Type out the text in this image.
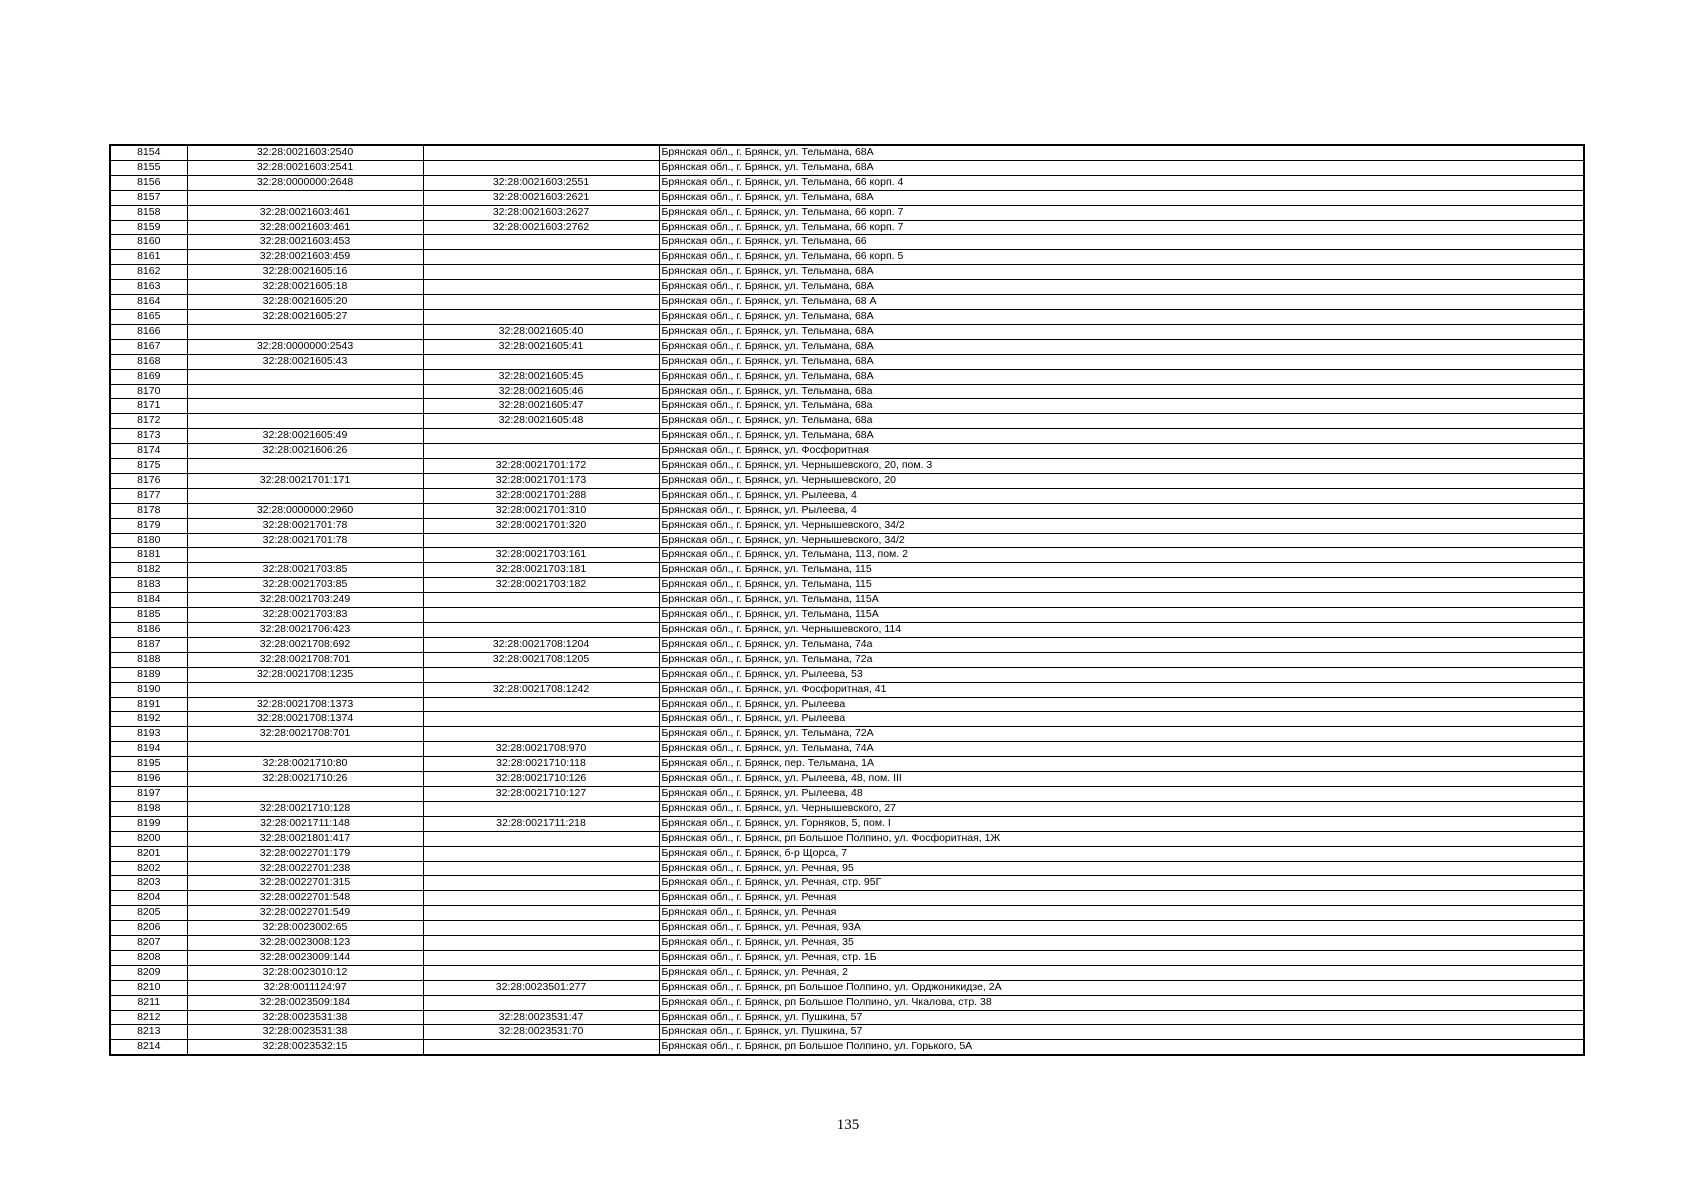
8154	32:28:0021603:2540		Брянская обл., г. Брянск, ул. Тельмана, 68А
8155	32:28:0021603:2541		Брянская обл., г. Брянск, ул. Тельмана, 68А
8156	32:28:0000000:2648	32:28:0021603:2551	Брянская обл., г. Брянск, ул. Тельмана, 66 корп. 4
8157		32:28:0021603:2621	Брянская обл., г. Брянск, ул. Тельмана, 68А
8158	32:28:0021603:461	32:28:0021603:2627	Брянская обл., г. Брянск, ул. Тельмана, 66 корп. 7
8159	32:28:0021603:461	32:28:0021603:2762	Брянская обл., г. Брянск, ул. Тельмана, 66 корп. 7
8160	32:28:0021603:453		Брянская обл., г. Брянск, ул. Тельмана, 66
8161	32:28:0021603:459		Брянская обл., г. Брянск, ул. Тельмана, 66 корп. 5
8162	32:28:0021605:16		Брянская обл., г. Брянск, ул. Тельмана, 68А
8163	32:28:0021605:18		Брянская обл., г. Брянск, ул. Тельмана, 68А
8164	32:28:0021605:20		Брянская обл., г. Брянск, ул. Тельмана, 68 А
8165	32:28:0021605:27		Брянская обл., г. Брянск, ул. Тельмана, 68А
8166		32:28:0021605:40	Брянская обл., г. Брянск, ул. Тельмана, 68А
8167	32:28:0000000:2543	32:28:0021605:41	Брянская обл., г. Брянск, ул. Тельмана, 68А
8168	32:28:0021605:43		Брянская обл., г. Брянск, ул. Тельмана, 68А
8169		32:28:0021605:45	Брянская обл., г. Брянск, ул. Тельмана, 68А
8170		32:28:0021605:46	Брянская обл., г. Брянск, ул. Тельмана, 68а
8171		32:28:0021605:47	Брянская обл., г. Брянск, ул. Тельмана, 68а
8172		32:28:0021605:48	Брянская обл., г. Брянск, ул. Тельмана, 68а
8173	32:28:0021605:49		Брянская обл., г. Брянск, ул. Тельмана, 68А
8174	32:28:0021606:26		Брянская обл., г. Брянск, ул. Фосфоритная
8175		32:28:0021701:172	Брянская обл., г. Брянск, ул. Чернышевского, 20, пом. 3
8176	32:28:0021701:171	32:28:0021701:173	Брянская обл., г. Брянск, ул. Чернышевского, 20
8177		32:28:0021701:288	Брянская обл., г. Брянск, ул. Рылеева, 4
8178	32:28:0000000:2960	32:28:0021701:310	Брянская обл., г. Брянск, ул. Рылеева, 4
8179	32:28:0021701:78	32:28:0021701:320	Брянская обл., г. Брянск, ул. Чернышевского, 34/2
8180	32:28:0021701:78		Брянская обл., г. Брянск, ул. Чернышевского, 34/2
8181		32:28:0021703:161	Брянская обл., г. Брянск, ул. Тельмана, 113, пом. 2
8182	32:28:0021703:85	32:28:0021703:181	Брянская обл., г. Брянск, ул. Тельмана, 115
8183	32:28:0021703:85	32:28:0021703:182	Брянская обл., г. Брянск, ул. Тельмана, 115
8184	32:28:0021703:249		Брянская обл., г. Брянск, ул. Тельмана, 115А
8185	32:28:0021703:83		Брянская обл., г. Брянск, ул. Тельмана, 115А
8186	32:28:0021706:423		Брянская обл., г. Брянск, ул. Чернышевского, 114
8187	32:28:0021708:692	32:28:0021708:1204	Брянская обл., г. Брянск, ул. Тельмана, 74а
8188	32:28:0021708:701	32:28:0021708:1205	Брянская обл., г. Брянск, ул. Тельмана, 72а
8189	32:28:0021708:1235		Брянская обл., г. Брянск, ул. Рылеева, 53
8190		32:28:0021708:1242	Брянская обл., г. Брянск, ул. Фосфоритная, 41
8191	32:28:0021708:1373		Брянская обл., г. Брянск, ул. Рылеева
8192	32:28:0021708:1374		Брянская обл., г. Брянск, ул. Рылеева
8193	32:28:0021708:701		Брянская обл., г. Брянск, ул. Тельмана, 72А
8194		32:28:0021708:970	Брянская обл., г. Брянск, ул. Тельмана, 74А
8195	32:28:0021710:80	32:28:0021710:118	Брянская обл., г. Брянск, пер. Тельмана, 1А
8196	32:28:0021710:26	32:28:0021710:126	Брянская обл., г. Брянск, ул. Рылеева, 48, пом. III
8197		32:28:0021710:127	Брянская обл., г. Брянск, ул. Рылеева, 48
8198	32:28:0021710:128		Брянская обл., г. Брянск, ул. Чернышевского, 27
8199	32:28:0021711:148	32:28:0021711:218	Брянская обл., г. Брянск, ул. Горняков, 5, пом. I
8200	32:28:0021801:417		Брянская обл., г. Брянск, рп Большое Полпино, ул. Фосфоритная, 1Ж
8201	32:28:0022701:179		Брянская обл., г. Брянск, б-р Щорса, 7
8202	32:28:0022701:238		Брянская обл., г. Брянск, ул. Речная, 95
8203	32:28:0022701:315		Брянская обл., г. Брянск, ул. Речная, стр. 95Г
8204	32:28:0022701:548		Брянская обл., г. Брянск, ул. Речная
8205	32:28:0022701:549		Брянская обл., г. Брянск, ул. Речная
8206	32:28:0023002:65		Брянская обл., г. Брянск, ул. Речная, 93А
8207	32:28:0023008:123		Брянская обл., г. Брянск, ул. Речная, 35
8208	32:28:0023009:144		Брянская обл., г. Брянск, ул. Речная, стр. 1Б
8209	32:28:0023010:12		Брянская обл., г. Брянск, ул. Речная, 2
8210	32:28:0011124:97	32:28:0023501:277	Брянская обл., г. Брянск, рп Большое Полпино, ул. Орджоникидзе, 2А
8211	32:28:0023509:184		Брянская обл., г. Брянск, рп Большое Полпино, ул. Чкалова, стр. 38
8212	32:28:0023531:38	32:28:0023531:47	Брянская обл., г. Брянск, ул. Пушкина, 57
8213	32:28:0023531:38	32:28:0023531:70	Брянская обл., г. Брянск, ул. Пушкина, 57
8214	32:28:0023532:15		Брянская обл., г. Брянск, рп Большое Полпино, ул. Горького, 5А
135
